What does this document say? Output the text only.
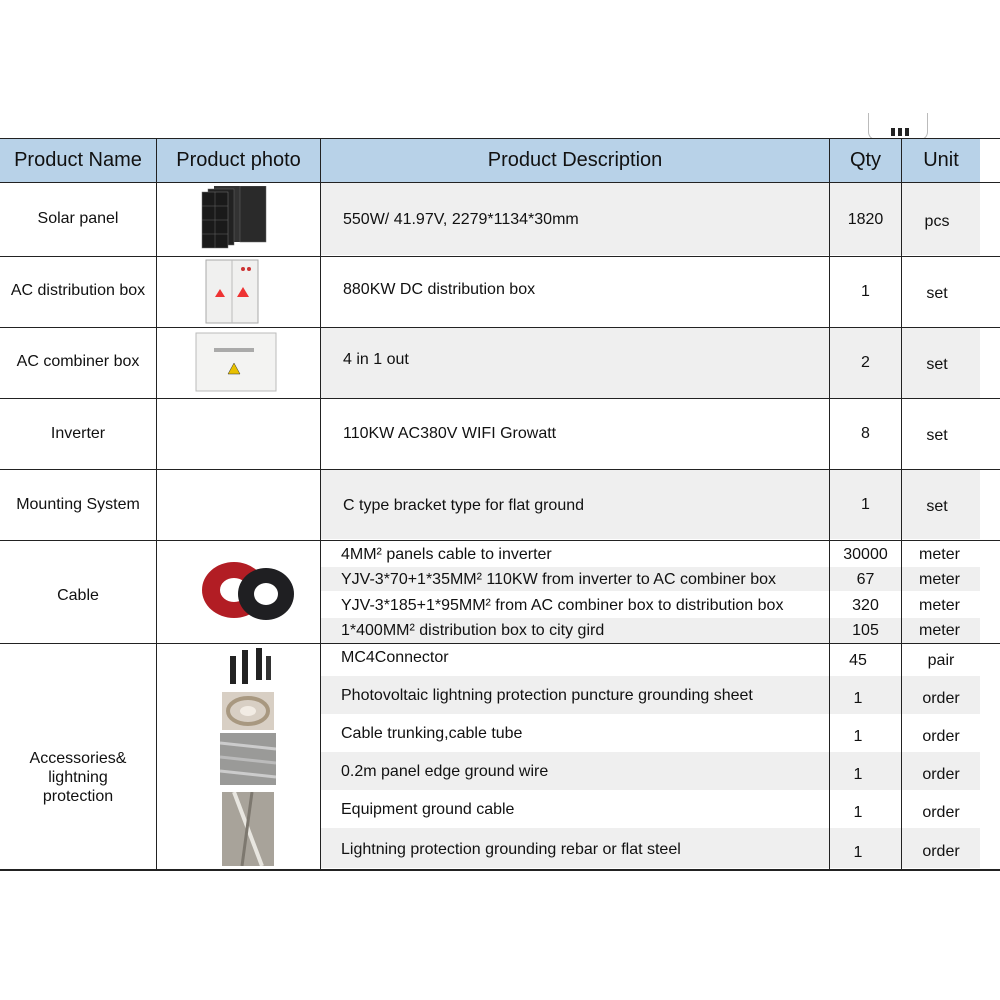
Product Name	Product photo	Product Description	Qty	Unit
Solar panel	550W/ 41.97V, 2279*1134*30mm	1820	pcs
AC distribution box	880KW DC distribution box	1	set
AC combiner box	4 in 1 out	2	set
Inverter	110KW AC380V WIFI Growatt	8	set
Mounting System	C type bracket type for flat ground	1	set
Cable
4MM² panels cable to inverter	30000	meter
YJV-3*70+1*35MM² 110KW from inverter to AC combiner box	67	meter
YJV-3*185+1*95MM² from AC combiner box to distribution box	320	meter
1*400MM² distribution box to city gird	105	meter
Accessories&
lightning
protection
MC4Connector	45	pair
Photovoltaic lightning protection puncture grounding sheet	1	order
Cable trunking,cable tube	1	order
0.2m panel edge ground wire	1	order
Equipment ground cable	1	order
Lightning protection grounding rebar or flat steel	1	order
